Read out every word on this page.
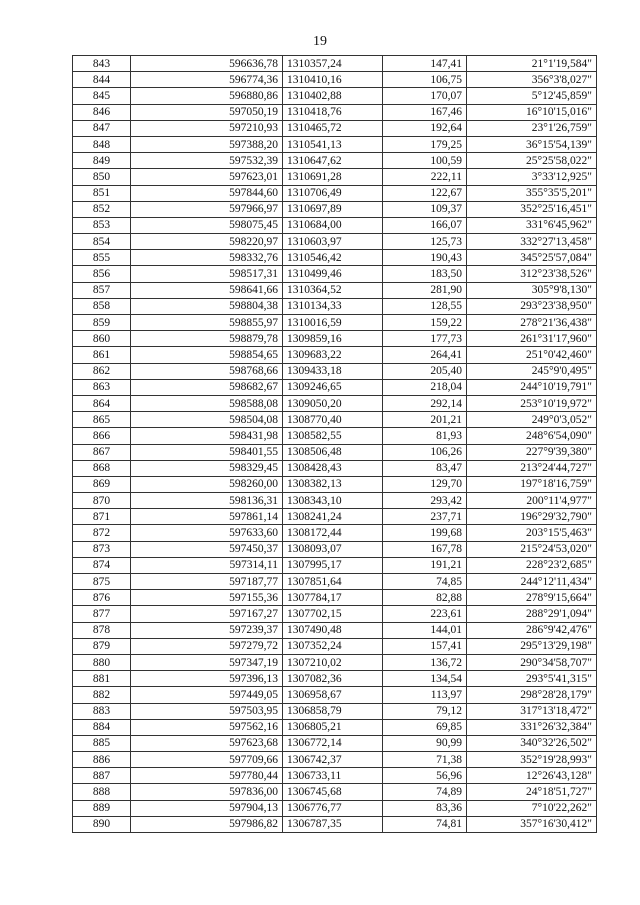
19
843	596636,78	1310357,24	147,41	21°1'19,584"
844	596774,36	1310410,16	106,75	356°3'8,027"
845	596880,86	1310402,88	170,07	5°12'45,859"
846	597050,19	1310418,76	167,46	16°10'15,016"
847	597210,93	1310465,72	192,64	23°1'26,759"
848	597388,20	1310541,13	179,25	36°15'54,139"
849	597532,39	1310647,62	100,59	25°25'58,022"
850	597623,01	1310691,28	222,11	3°33'12,925"
851	597844,60	1310706,49	122,67	355°35'5,201"
852	597966,97	1310697,89	109,37	352°25'16,451"
853	598075,45	1310684,00	166,07	331°6'45,962"
854	598220,97	1310603,97	125,73	332°27'13,458"
855	598332,76	1310546,42	190,43	345°25'57,084"
856	598517,31	1310499,46	183,50	312°23'38,526"
857	598641,66	1310364,52	281,90	305°9'8,130"
858	598804,38	1310134,33	128,55	293°23'38,950"
859	598855,97	1310016,59	159,22	278°21'36,438"
860	598879,78	1309859,16	177,73	261°31'17,960"
861	598854,65	1309683,22	264,41	251°0'42,460"
862	598768,66	1309433,18	205,40	245°9'0,495"
863	598682,67	1309246,65	218,04	244°10'19,791"
864	598588,08	1309050,20	292,14	253°10'19,972"
865	598504,08	1308770,40	201,21	249°0'3,052"
866	598431,98	1308582,55	81,93	248°6'54,090"
867	598401,55	1308506,48	106,26	227°9'39,380"
868	598329,45	1308428,43	83,47	213°24'44,727"
869	598260,00	1308382,13	129,70	197°18'16,759"
870	598136,31	1308343,10	293,42	200°11'4,977"
871	597861,14	1308241,24	237,71	196°29'32,790"
872	597633,60	1308172,44	199,68	203°15'5,463"
873	597450,37	1308093,07	167,78	215°24'53,020"
874	597314,11	1307995,17	191,21	228°23'2,685"
875	597187,77	1307851,64	74,85	244°12'11,434"
876	597155,36	1307784,17	82,88	278°9'15,664"
877	597167,27	1307702,15	223,61	288°29'1,094"
878	597239,37	1307490,48	144,01	286°9'42,476"
879	597279,72	1307352,24	157,41	295°13'29,198"
880	597347,19	1307210,02	136,72	290°34'58,707"
881	597396,13	1307082,36	134,54	293°5'41,315"
882	597449,05	1306958,67	113,97	298°28'28,179"
883	597503,95	1306858,79	79,12	317°13'18,472"
884	597562,16	1306805,21	69,85	331°26'32,384"
885	597623,68	1306772,14	90,99	340°32'26,502"
886	597709,66	1306742,37	71,38	352°19'28,993"
887	597780,44	1306733,11	56,96	12°26'43,128"
888	597836,00	1306745,68	74,89	24°18'51,727"
889	597904,13	1306776,77	83,36	7°10'22,262"
890	597986,82	1306787,35	74,81	357°16'30,412"
